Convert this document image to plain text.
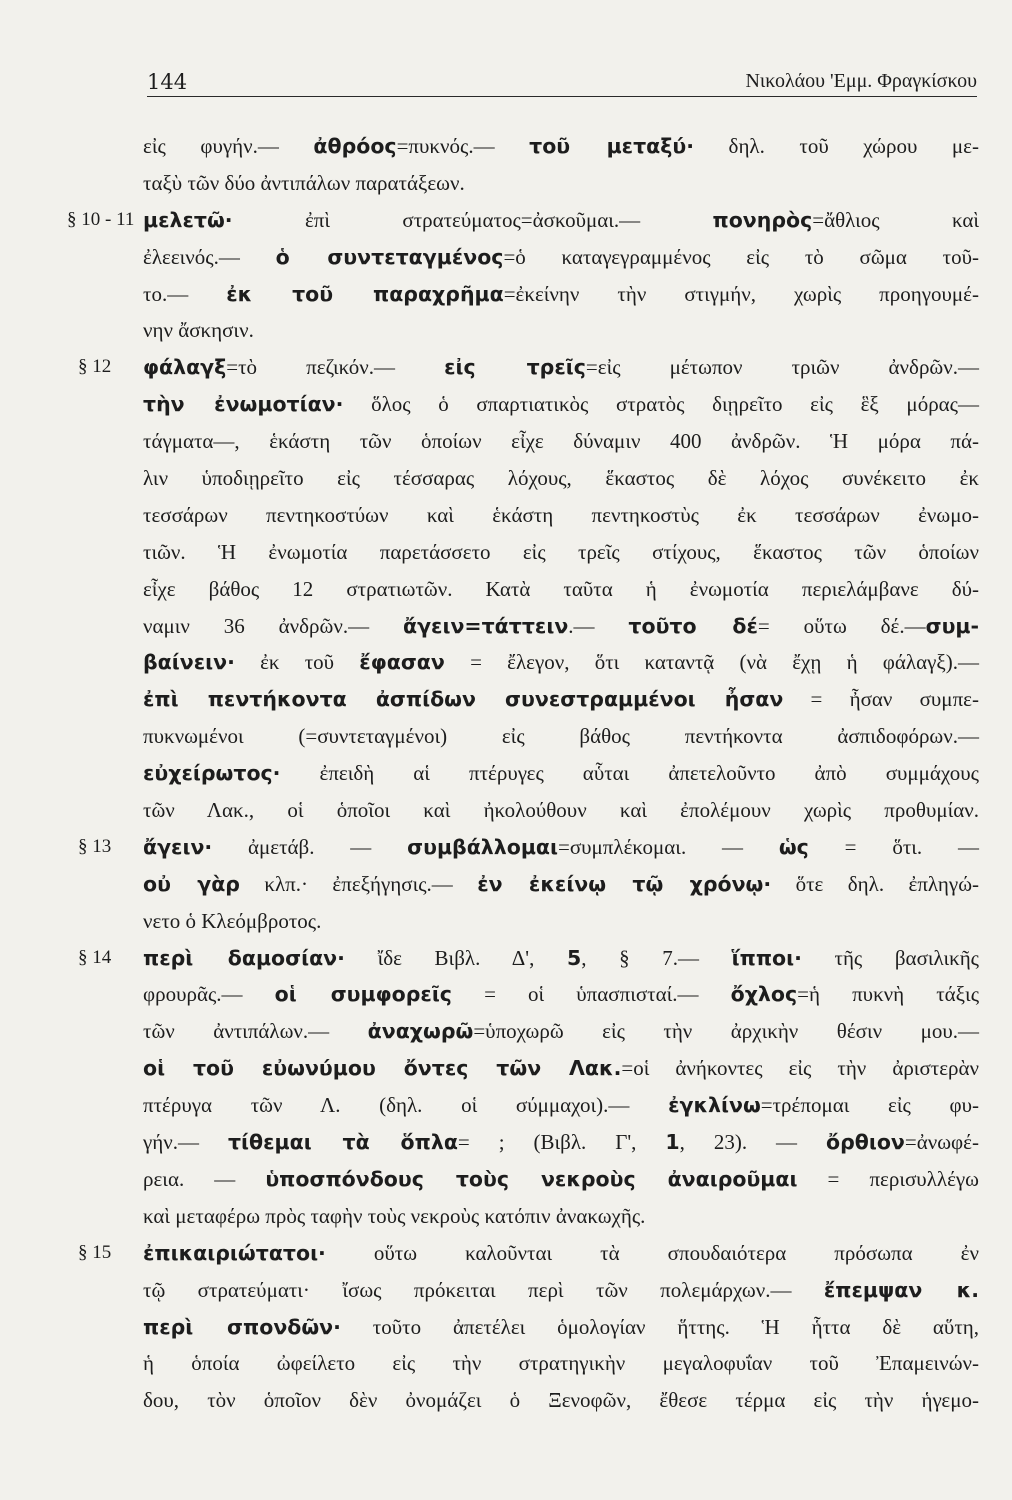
144	Νικολάου 'Εμμ. Φραγκίσκου
εἰς φυγήν.— ἀθρόος=πυκνός.— τοῦ μεταξύ· δηλ. τοῦ χώρου με-
ταξὺ τῶν δύο ἀντιπάλων παρατάξεων.
§ 10 - 11 μελετῶ· ἐπὶ στρατεύματος=ἀσκοῦμαι.— πονηρὸς=ἄθλιος καὶ
ἐλεεινός.— ὁ συντεταγμένος=ὁ καταγεγραμμένος εἰς τὸ σῶμα τοῦ-
το.— ἐκ τοῦ παραχρῆμα=ἐκείνην τὴν στιγμήν, χωρὶς προηγουμέ-
νην ἄσκησιν.
§ 12	φάλαγξ=τὸ πεζικόν.— εἰς τρεῖς=εἰς μέτωπον τριῶν ἀνδρῶν.—
τὴν ἐνωμοτίαν· ὅλος ὁ σπαρτιατικὸς στρατὸς διῃρεῖτο εἰς ἓξ μόρας—
τάγματα—, ἑκάστη τῶν ὁποίων εἶχε δύναμιν 400 ἀνδρῶν. Ἡ μόρα πά-
λιν ὑποδιῃρεῖτο εἰς τέσσαρας λόχους, ἕκαστος δὲ λόχος συνέκειτο ἐκ
τεσσάρων πεντηκοστύων καὶ ἑκάστη πεντηκοστὺς ἐκ τεσσάρων ἐνωμο-
τιῶν. Ἡ ἐνωμοτία παρετάσσετο εἰς τρεῖς στίχους, ἕκαστος τῶν ὁποίων
εἶχε βάθος 12 στρατιωτῶν. Κατὰ ταῦτα ἡ ἐνωμοτία περιελάμβανε δύ-
ναμιν 36 ἀνδρῶν.— ἄγειν=τάττειν.— τοῦτο δέ= οὕτω δέ.—συμ-
βαίνειν· ἐκ τοῦ ἔφασαν = ἔλεγον, ὅτι καταντᾷ (νὰ ἔχῃ ἡ φάλαγξ).—
ἐπὶ πεντήκοντα ἀσπίδων συνεστραμμένοι ἦσαν = ἦσαν συμπε-
πυκνωμένοι (=συντεταγμένοι) εἰς βάθος πεντήκοντα ἀσπιδοφόρων.—
εὐχείρωτος· ἐπειδὴ αἱ πτέρυγες αὗται ἀπετελοῦντο ἀπὸ συμμάχους
τῶν Λακ., οἱ ὁποῖοι καὶ ἠκολούθουν καὶ ἐπολέμουν χωρὶς προθυμίαν.
§ 13	ἄγειν· ἀμετάβ. — συμβάλλομαι=συμπλέκομαι. — ὡς = ὅτι. —
οὐ γὰρ κλπ.· ἐπεξήγησις.— ἐν ἐκείνῳ τῷ χρόνῳ· ὅτε δηλ. ἐπληγώ-
νετο ὁ Κλεόμβροτος.
§ 14	περὶ δαμοσίαν· ἴδε Βιβλ. Δ', 5, § 7.— ἵπποι· τῆς βασιλικῆς
φρουρᾶς.— οἱ συμφορεῖς = οἱ ὑπασπισταί.— ὄχλος=ἡ πυκνὴ τάξις
τῶν ἀντιπάλων.— ἀναχωρῶ=ὑποχωρῶ εἰς τὴν ἀρχικὴν θέσιν μου.—
οἱ τοῦ εὐωνύμου ὄντες τῶν Λακ.=οἱ ἀνήκοντες εἰς τὴν ἀριστερὰν
πτέρυγα τῶν Λ. (δηλ. οἱ σύμμαχοι).— ἐγκλίνω=τρέπομαι εἰς φυ-
γήν.— τίθεμαι τὰ ὅπλα= ; (Βιβλ. Γ', 1, 23). — ὄρθιον=ἀνωφέ-
ρεια. — ὑποσπόνδους τοὺς νεκροὺς ἀναιροῦμαι = περισυλλέγω
καὶ μεταφέρω πρὸς ταφὴν τοὺς νεκροὺς κατόπιν ἀνακωχῆς.
§ 15	ἐπικαιριώτατοι· οὕτω καλοῦνται τὰ σπουδαιότερα πρόσωπα ἐν
τῷ στρατεύματι· ἴσως πρόκειται περὶ τῶν πολεμάρχων.— ἔπεμψαν κ.
περὶ σπονδῶν· τοῦτο ἀπετέλει ὁμολογίαν ἥττης. Ἡ ἧττα δὲ αὕτη,
ἡ ὁποία ὠφείλετο εἰς τὴν στρατηγικὴν μεγαλοφυΐαν τοῦ Ἐπαμεινών-
δου, τὸν ὁποῖον δὲν ὀνομάζει ὁ Ξενοφῶν, ἔθεσε τέρμα εἰς τὴν ἡγεμο-
